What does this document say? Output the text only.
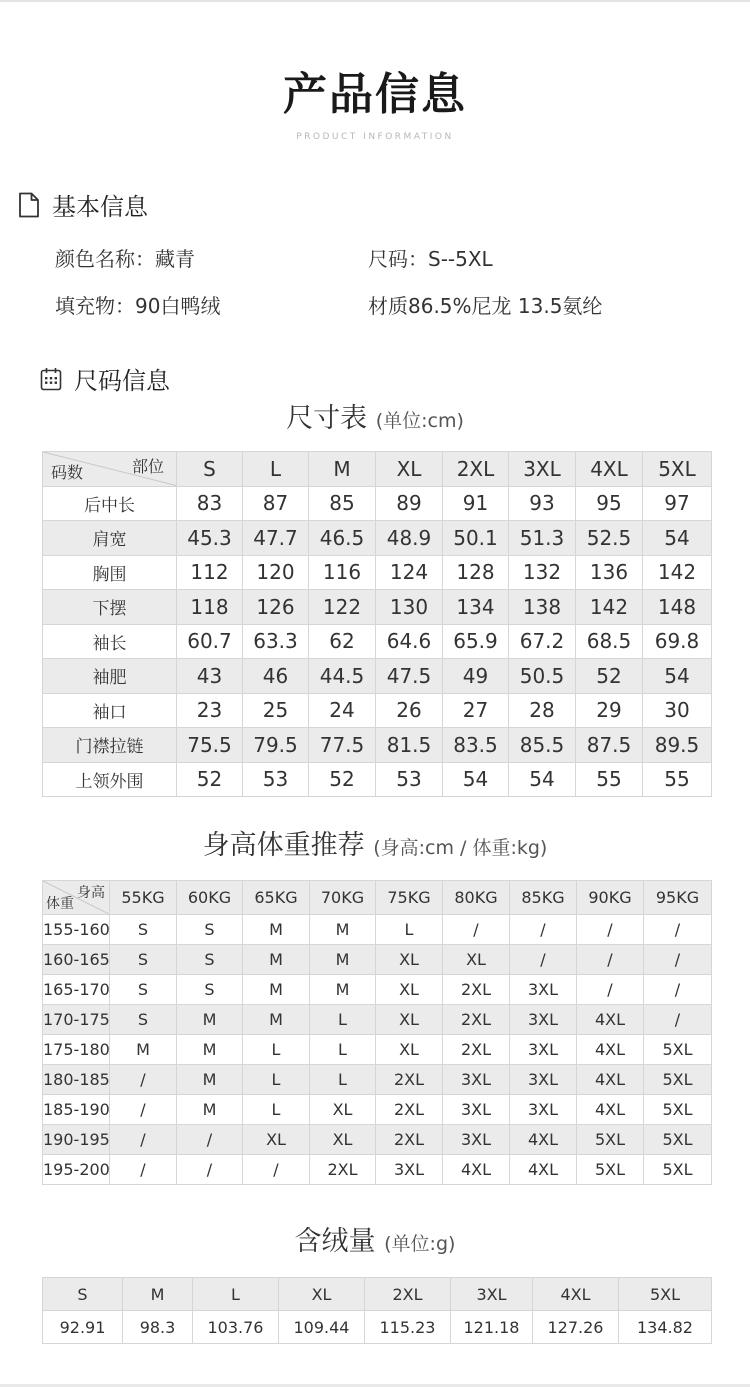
产品信息
PRODUCT INFORMATION
基本信息
颜色名称：藏青	尺码：S--5XL
填充物：90白鸭绒	材质86.5%尼龙 13.5氨纶
尺码信息
尺寸表 (单位:cm)
部位
码数	S	L	M	XL	2XL	3XL	4XL	5XL
后中长	83	87	85	89	91	93	95	97
肩宽	45.3	47.7	46.5	48.9	50.1	51.3	52.5	54
胸围	112	120	116	124	128	132	136	142
下摆	118	126	122	130	134	138	142	148
袖长	60.7	63.3	62	64.6	65.9	67.2	68.5	69.8
袖肥	43	46	44.5	47.5	49	50.5	52	54
袖口	23	25	24	26	27	28	29	30
门襟拉链	75.5	79.5	77.5	81.5	83.5	85.5	87.5	89.5
上领外围	52	53	52	53	54	54	55	55
身高体重推荐 (身高:cm / 体重:kg)
身高
体重	55KG	60KG	65KG	70KG	75KG	80KG	85KG	90KG	95KG
155-160	S	S	M	M	L	/	/	/	/
160-165	S	S	M	M	XL	XL	/	/	/
165-170	S	S	M	M	XL	2XL	3XL	/	/
170-175	S	M	M	L	XL	2XL	3XL	4XL	/
175-180	M	M	L	L	XL	2XL	3XL	4XL	5XL
180-185	/	M	L	L	2XL	3XL	3XL	4XL	5XL
185-190	/	M	L	XL	2XL	3XL	3XL	4XL	5XL
190-195	/	/	XL	XL	2XL	3XL	4XL	5XL	5XL
195-200	/	/	/	2XL	3XL	4XL	4XL	5XL	5XL
含绒量 (单位:g)
S	M	L	XL	2XL	3XL	4XL	5XL
92.91	98.3	103.76	109.44	115.23	121.18	127.26	134.82
